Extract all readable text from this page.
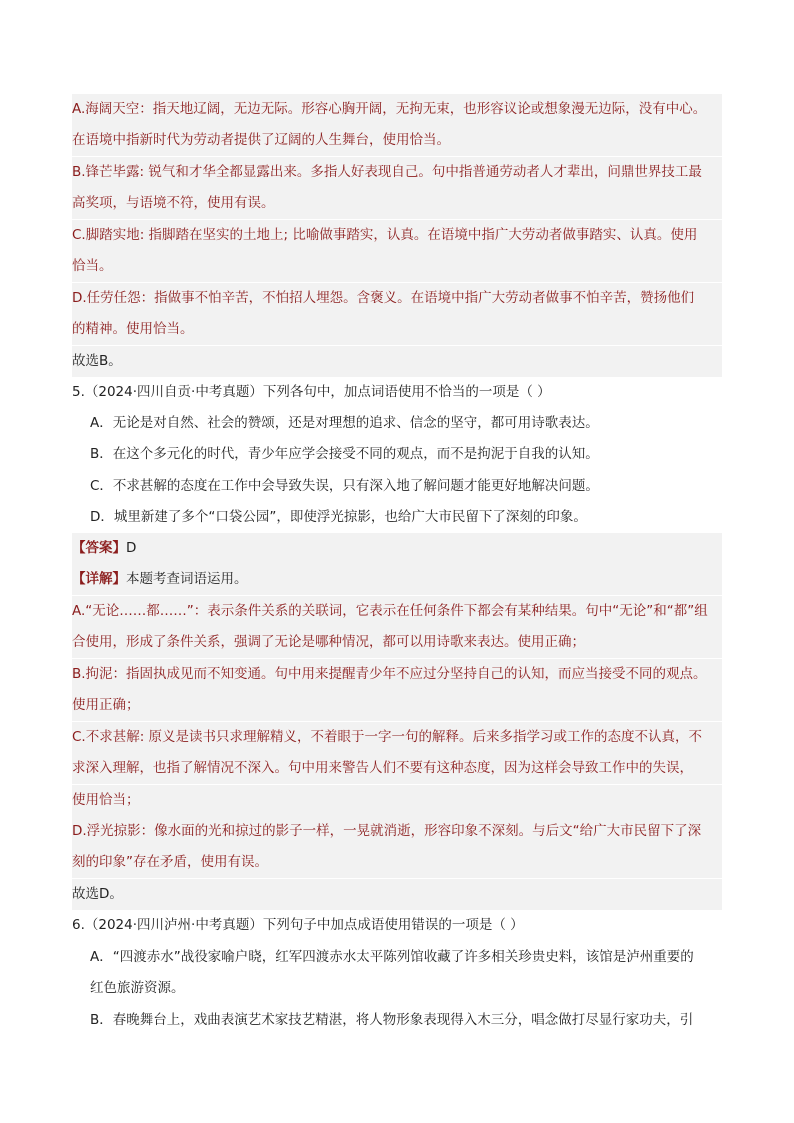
A.海阔天空：指天地辽阔，无边无际。形容心胸开阔，无拘无束，也形容议论或想象漫无边际，没有中心。
在语境中指新时代为劳动者提供了辽阔的人生舞台，使用恰当。
B.锋芒毕露: 锐气和才华全都显露出来。多指人好表现自己。句中指普通劳动者人才辈出，问鼎世界技工最
高奖项，与语境不符，使用有误。
C.脚踏实地: 指脚踏在坚实的土地上; 比喻做事踏实，认真。在语境中指广大劳动者做事踏实、认真。使用
恰当。
D.任劳任怨：指做事不怕辛苦，不怕招人埋怨。含褒义。在语境中指广大劳动者做事不怕辛苦，赞扬他们
的精神。使用恰当。
故选B。
5.（2024·四川自贡·中考真题）下列各句中，加点词语使用不恰当的一项是（ ）
A．无论是对自然、社会的赞颂，还是对理想的追求、信念的坚守，都可用诗歌表达。
B．在这个多元化的时代，青少年应学会接受不同的观点，而不是拘泥于自我的认知。
C．不求甚解的态度在工作中会导致失误，只有深入地了解问题才能更好地解决问题。
D．城里新建了多个“口袋公园”，即使浮光掠影，也给广大市民留下了深刻的印象。
【答案】D
【详解】本题考查词语运用。
A.“无论……都……”：表示条件关系的关联词，它表示在任何条件下都会有某种结果。句中“无论”和“都”组
合使用，形成了条件关系，强调了无论是哪种情况，都可以用诗歌来表达。使用正确；
B.拘泥：指固执成见而不知变通。句中用来提醒青少年不应过分坚持自己的认知，而应当接受不同的观点。
使用正确；
C.不求甚解: 原义是读书只求理解精义，不着眼于一字一句的解释。后来多指学习或工作的态度不认真，不
求深入理解，也指了解情况不深入。句中用来警告人们不要有这种态度，因为这样会导致工作中的失误，
使用恰当；
D.浮光掠影：像水面的光和掠过的影子一样，一晃就消逝，形容印象不深刻。与后文“给广大市民留下了深
刻的印象”存在矛盾，使用有误。
故选D。
6.（2024·四川泸州·中考真题）下列句子中加点成语使用错误的一项是（ ）
A．“四渡赤水”战役家喻户晓，红军四渡赤水太平陈列馆收藏了许多相关珍贵史料，该馆是泸州重要的
红色旅游资源。
B．春晚舞台上，戏曲表演艺术家技艺精湛，将人物形象表现得入木三分，唱念做打尽显行家功夫，引
